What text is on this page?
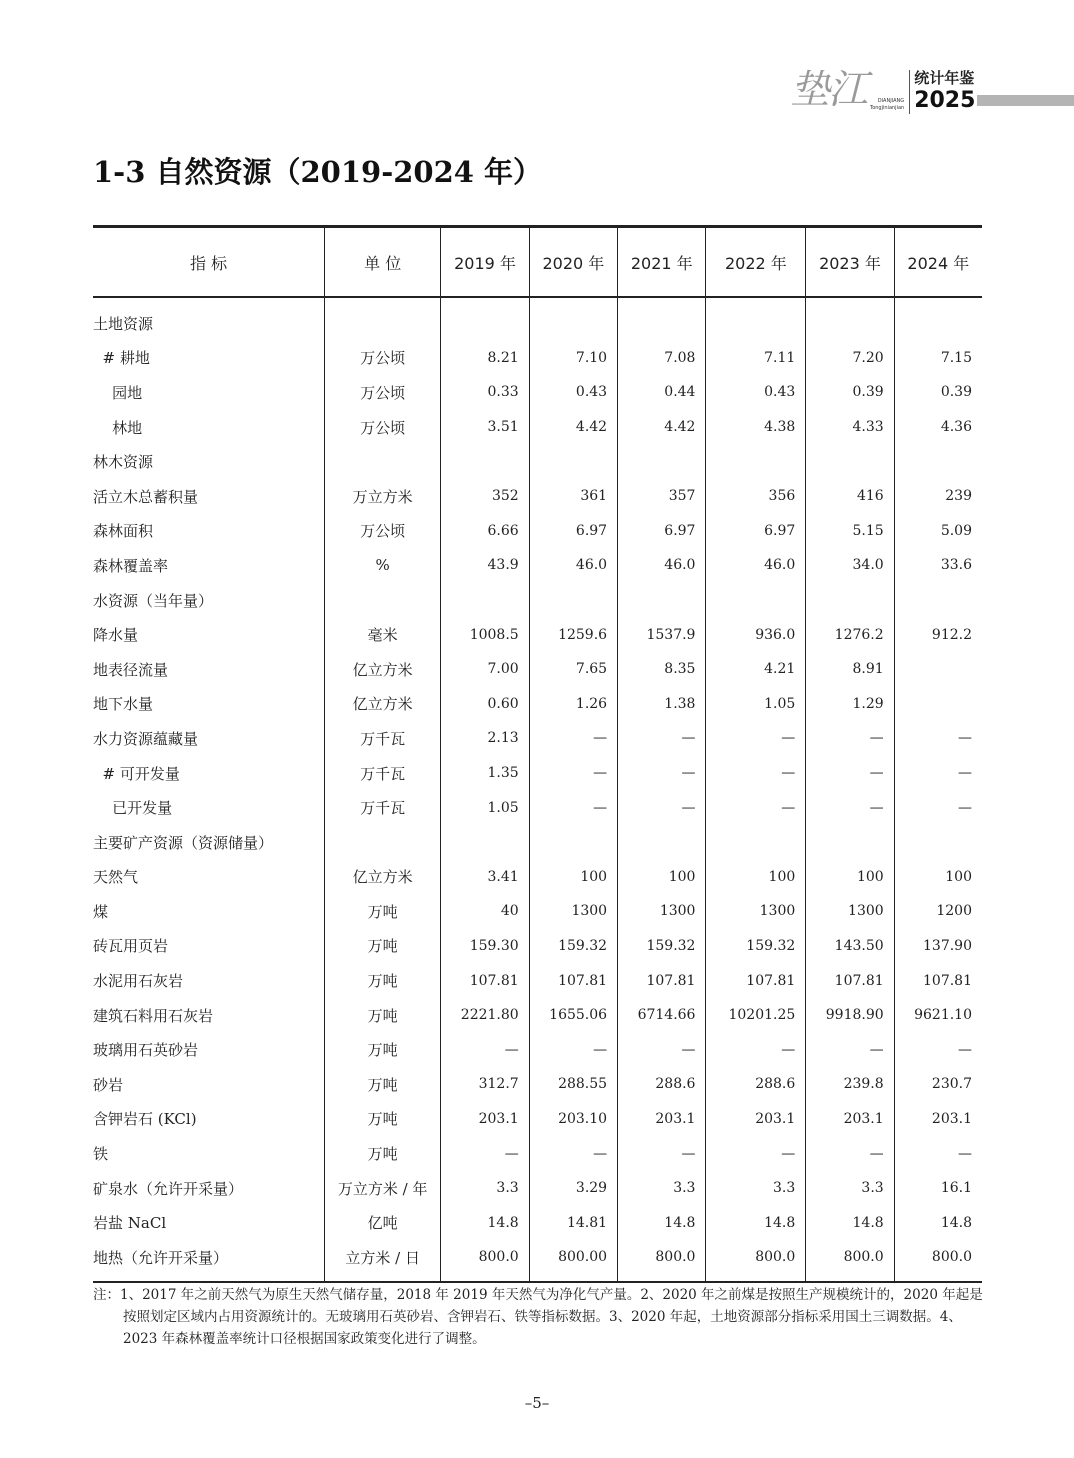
垫江	DIANJIANG
Tongjinianjian
统计年鉴
2025
1-3 自然资源（2019-2024 年）
指 标	单 位	2019 年	2020 年	2021 年	2022 年	2023 年	2024 年
土地资源							
# 耕地	万公顷	8.21	7.10	7.08	7.11	7.20	7.15
园地	万公顷	0.33	0.43	0.44	0.43	0.39	0.39
林地	万公顷	3.51	4.42	4.42	4.38	4.33	4.36
林木资源							
活立木总蓄积量	万立方米	352	361	357	356	416	239
森林面积	万公顷	6.66	6.97	6.97	6.97	5.15	5.09
森林覆盖率	%	43.9	46.0	46.0	46.0	34.0	33.6
水资源（当年量）							
降水量	毫米	1008.5	1259.6	1537.9	936.0	1276.2	912.2
地表径流量	亿立方米	7.00	7.65	8.35	4.21	8.91	
地下水量	亿立方米	0.60	1.26	1.38	1.05	1.29	
水力资源蕴藏量	万千瓦	2.13	—	—	—	—	—
# 可开发量	万千瓦	1.35	—	—	—	—	—
已开发量	万千瓦	1.05	—	—	—	—	—
主要矿产资源（资源储量）							
天然气	亿立方米	3.41	100	100	100	100	100
煤	万吨	40	1300	1300	1300	1300	1200
砖瓦用页岩	万吨	159.30	159.32	159.32	159.32	143.50	137.90
水泥用石灰岩	万吨	107.81	107.81	107.81	107.81	107.81	107.81
建筑石料用石灰岩	万吨	2221.80	1655.06	6714.66	10201.25	9918.90	9621.10
玻璃用石英砂岩	万吨	—	—	—	—	—	—
砂岩	万吨	312.7	288.55	288.6	288.6	239.8	230.7
含钾岩石 (KCl)	万吨	203.1	203.10	203.1	203.1	203.1	203.1
铁	万吨	—	—	—	—	—	—
矿泉水（允许开采量）	万立方米 / 年	3.3	3.29	3.3	3.3	3.3	16.1
岩盐 NaCl	亿吨	14.8	14.81	14.8	14.8	14.8	14.8
地热（允许开采量）	立方米 / 日	800.0	800.00	800.0	800.0	800.0	800.0

注：1、2017 年之前天然气为原生天然气储存量，2018 年 2019 年天然气为净化气产量。2、2020 年之前煤是按照生产规模统计的，2020 年起是按照划定区域内占用资源统计的。无玻璃用石英砂岩、含钾岩石、铁等指标数据。3、2020 年起，土地资源部分指标采用国土三调数据。4、2023 年森林覆盖率统计口径根据国家政策变化进行了调整。
–5–
